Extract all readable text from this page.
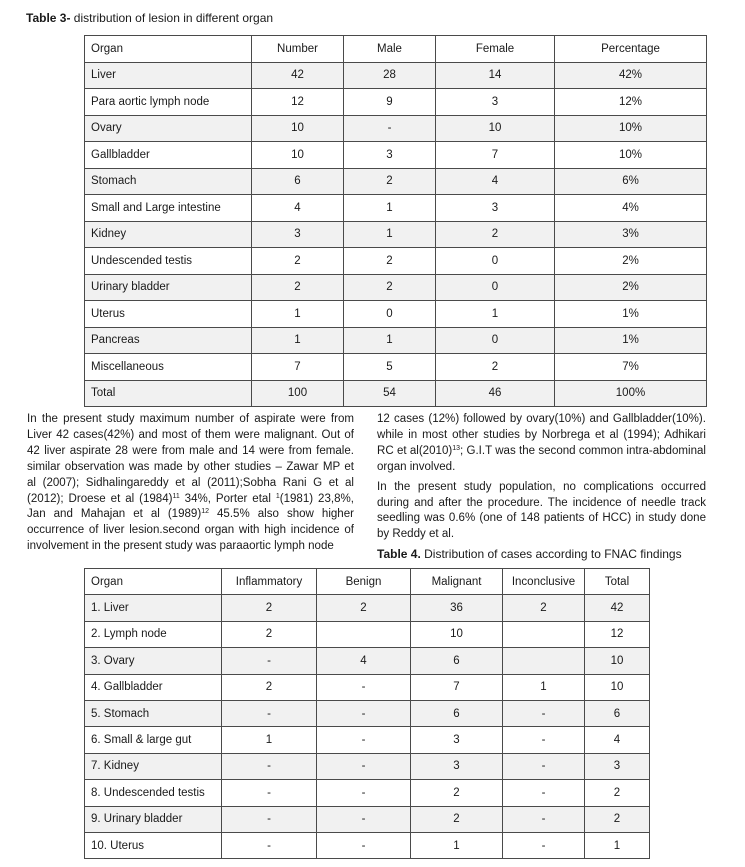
Table 3- distribution of lesion in different organ
Organ	Number	Male	Female	Percentage
Liver	42	28	14	42%
Para aortic lymph node	12	9	3	12%
Ovary	10	-	10	10%
Gallbladder	10	3	7	10%
Stomach	6	2	4	6%
Small and Large intestine	4	1	3	4%
Kidney	3	1	2	3%
Undescended testis	2	2	0	2%
Urinary bladder	2	2	0	2%
Uterus	1	0	1	1%
Pancreas	1	1	0	1%
Miscellaneous	7	5	2	7%
Total	100	54	46	100%

In the present study maximum number of aspirate were from Liver 42 cases(42%) and most of them were malignant. Out of 42 liver aspirate 28 were from male and 14 were from female. similar observation was made by other studies – Zawar MP et al (2007); Sidhalingareddy et al (2011);Sobha Rani G et al (2012); Droese et al $(1984)^{11}$ 34%, Porter etal $^1$(1981) 23,8%, Jan and Mahajan et al $(1989)^{12}$ 45.5% also show higher occurrence of liver lesion.second organ with high incidence of involvement in the present study was paraaortic lymph node

12 cases (12%) followed by ovary(10%) and Gallbladder(10%). while in most other studies by Norbrega et al (1994); Adhikari RC et $al(2010)^{13}$; G.I.T was the second common intra-abdominal organ involved.

In the present study population, no complications occurred during and after the procedure. The incidence of needle track seedling was 0.6% (one of 148 patients of HCC) in study done by Reddy et al.

Table 4. Distribution of cases according to FNAC findings
Organ	Inflammatory	Benign	Malignant	Inconclusive	Total
1. Liver	2	2	36	2	42
2. Lymph node	2		10		12
3. Ovary	-	4	6		10
4. Gallbladder	2	-	7	1	10
5. Stomach	-	-	6	-	6
6. Small & large gut	1	-	3	-	4
7. Kidney	-	-	3	-	3
8. Undescended testis	-	-	2	-	2
9. Urinary bladder	-	-	2	-	2
10. Uterus	-	-	1	-	1
